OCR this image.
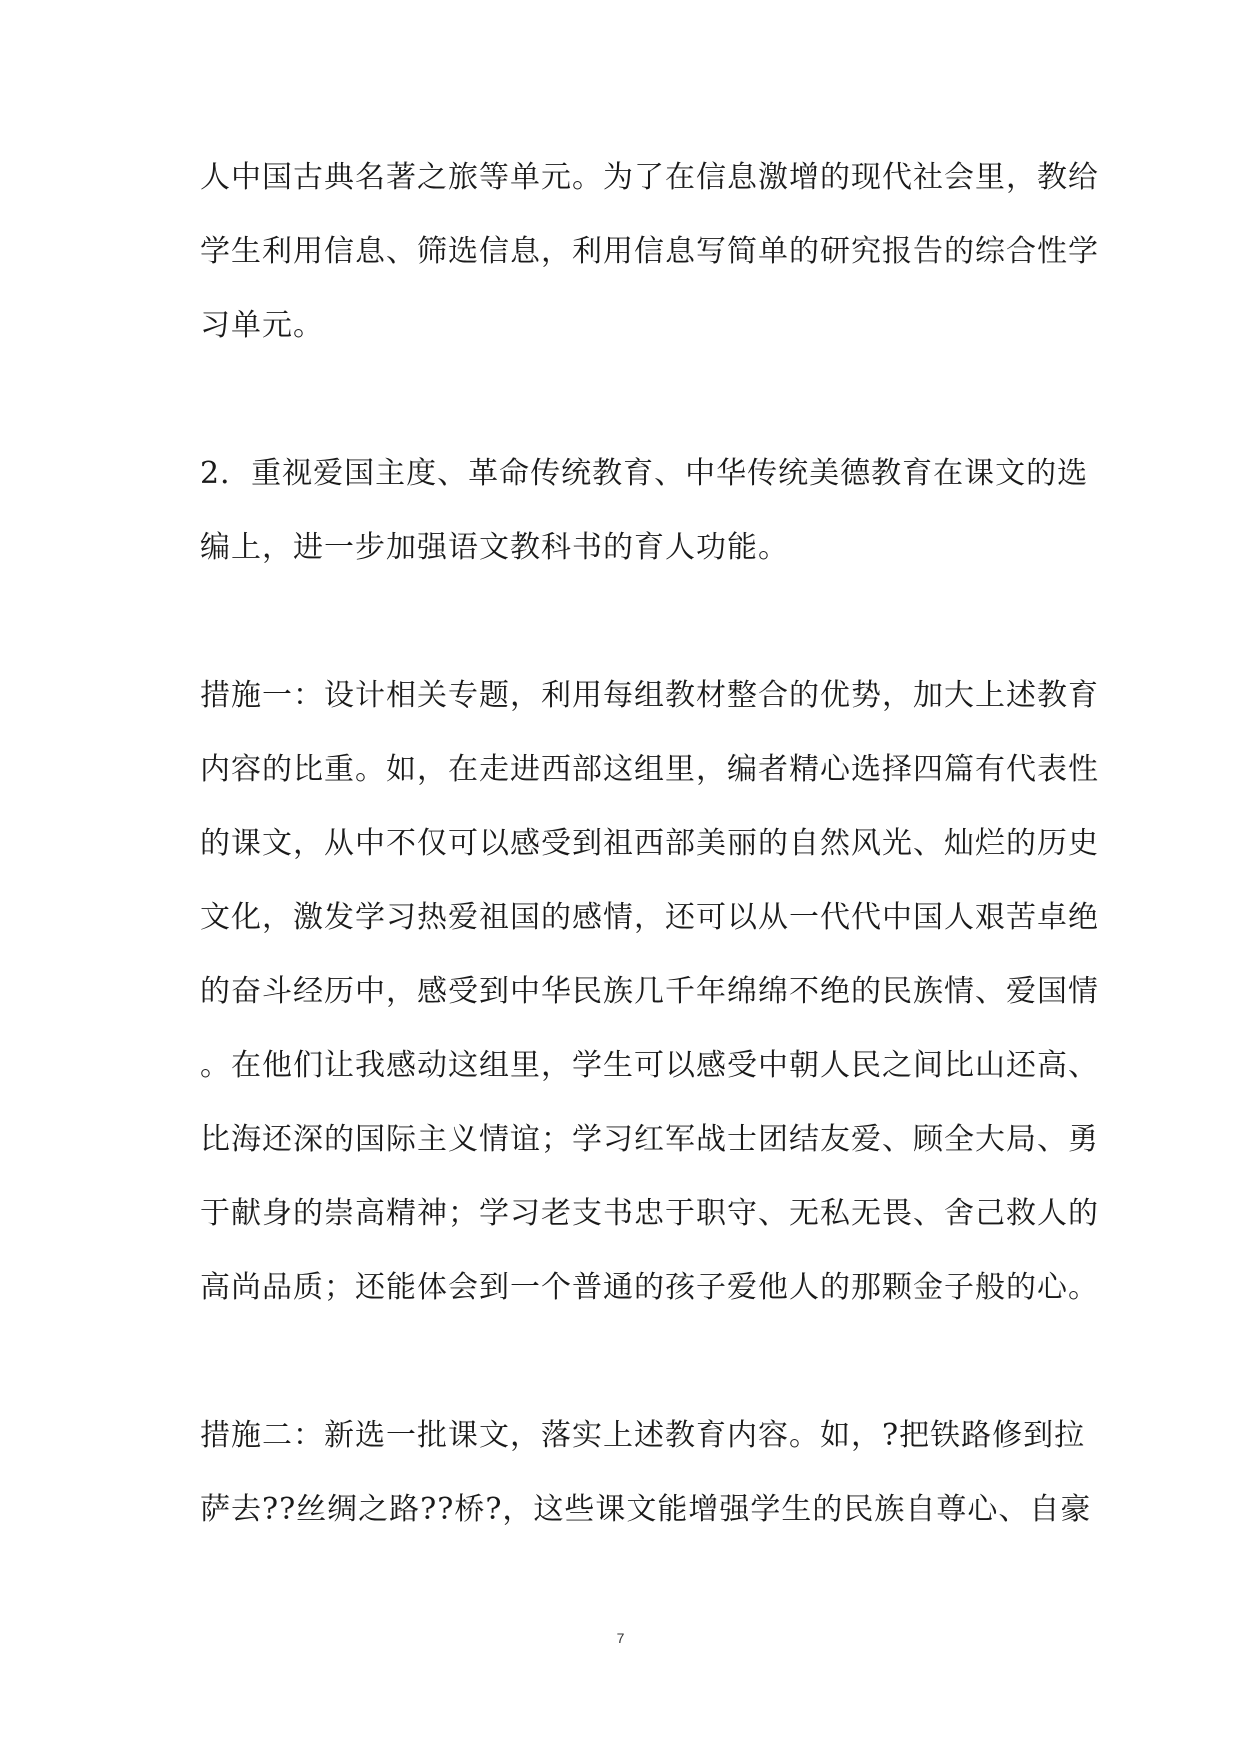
人中国古典名著之旅等单元。为了在信息激增的现代社会里，教给
学生利用信息、筛选信息，利用信息写简单的研究报告的综合性学
习单元。
2．重视爱国主度、革命传统教育、中华传统美德教育在课文的选
编上，进一步加强语文教科书的育人功能。
措施一：设计相关专题，利用每组教材整合的优势，加大上述教育
内容的比重。如，在走进西部这组里，编者精心选择四篇有代表性
的课文，从中不仅可以感受到祖西部美丽的自然风光、灿烂的历史
文化，激发学习热爱祖国的感情，还可以从一代代中国人艰苦卓绝
的奋斗经历中，感受到中华民族几千年绵绵不绝的民族情、爱国情
。在他们让我感动这组里，学生可以感受中朝人民之间比山还高、
比海还深的国际主义情谊；学习红军战士团结友爱、顾全大局、勇
于献身的崇高精神；学习老支书忠于职守、无私无畏、舍己救人的
高尚品质；还能体会到一个普通的孩子爱他人的那颗金子般的心。
措施二：新选一批课文，落实上述教育内容。如，?把铁路修到拉
萨去??丝绸之路??桥?，这些课文能增强学生的民族自尊心、自豪
7
